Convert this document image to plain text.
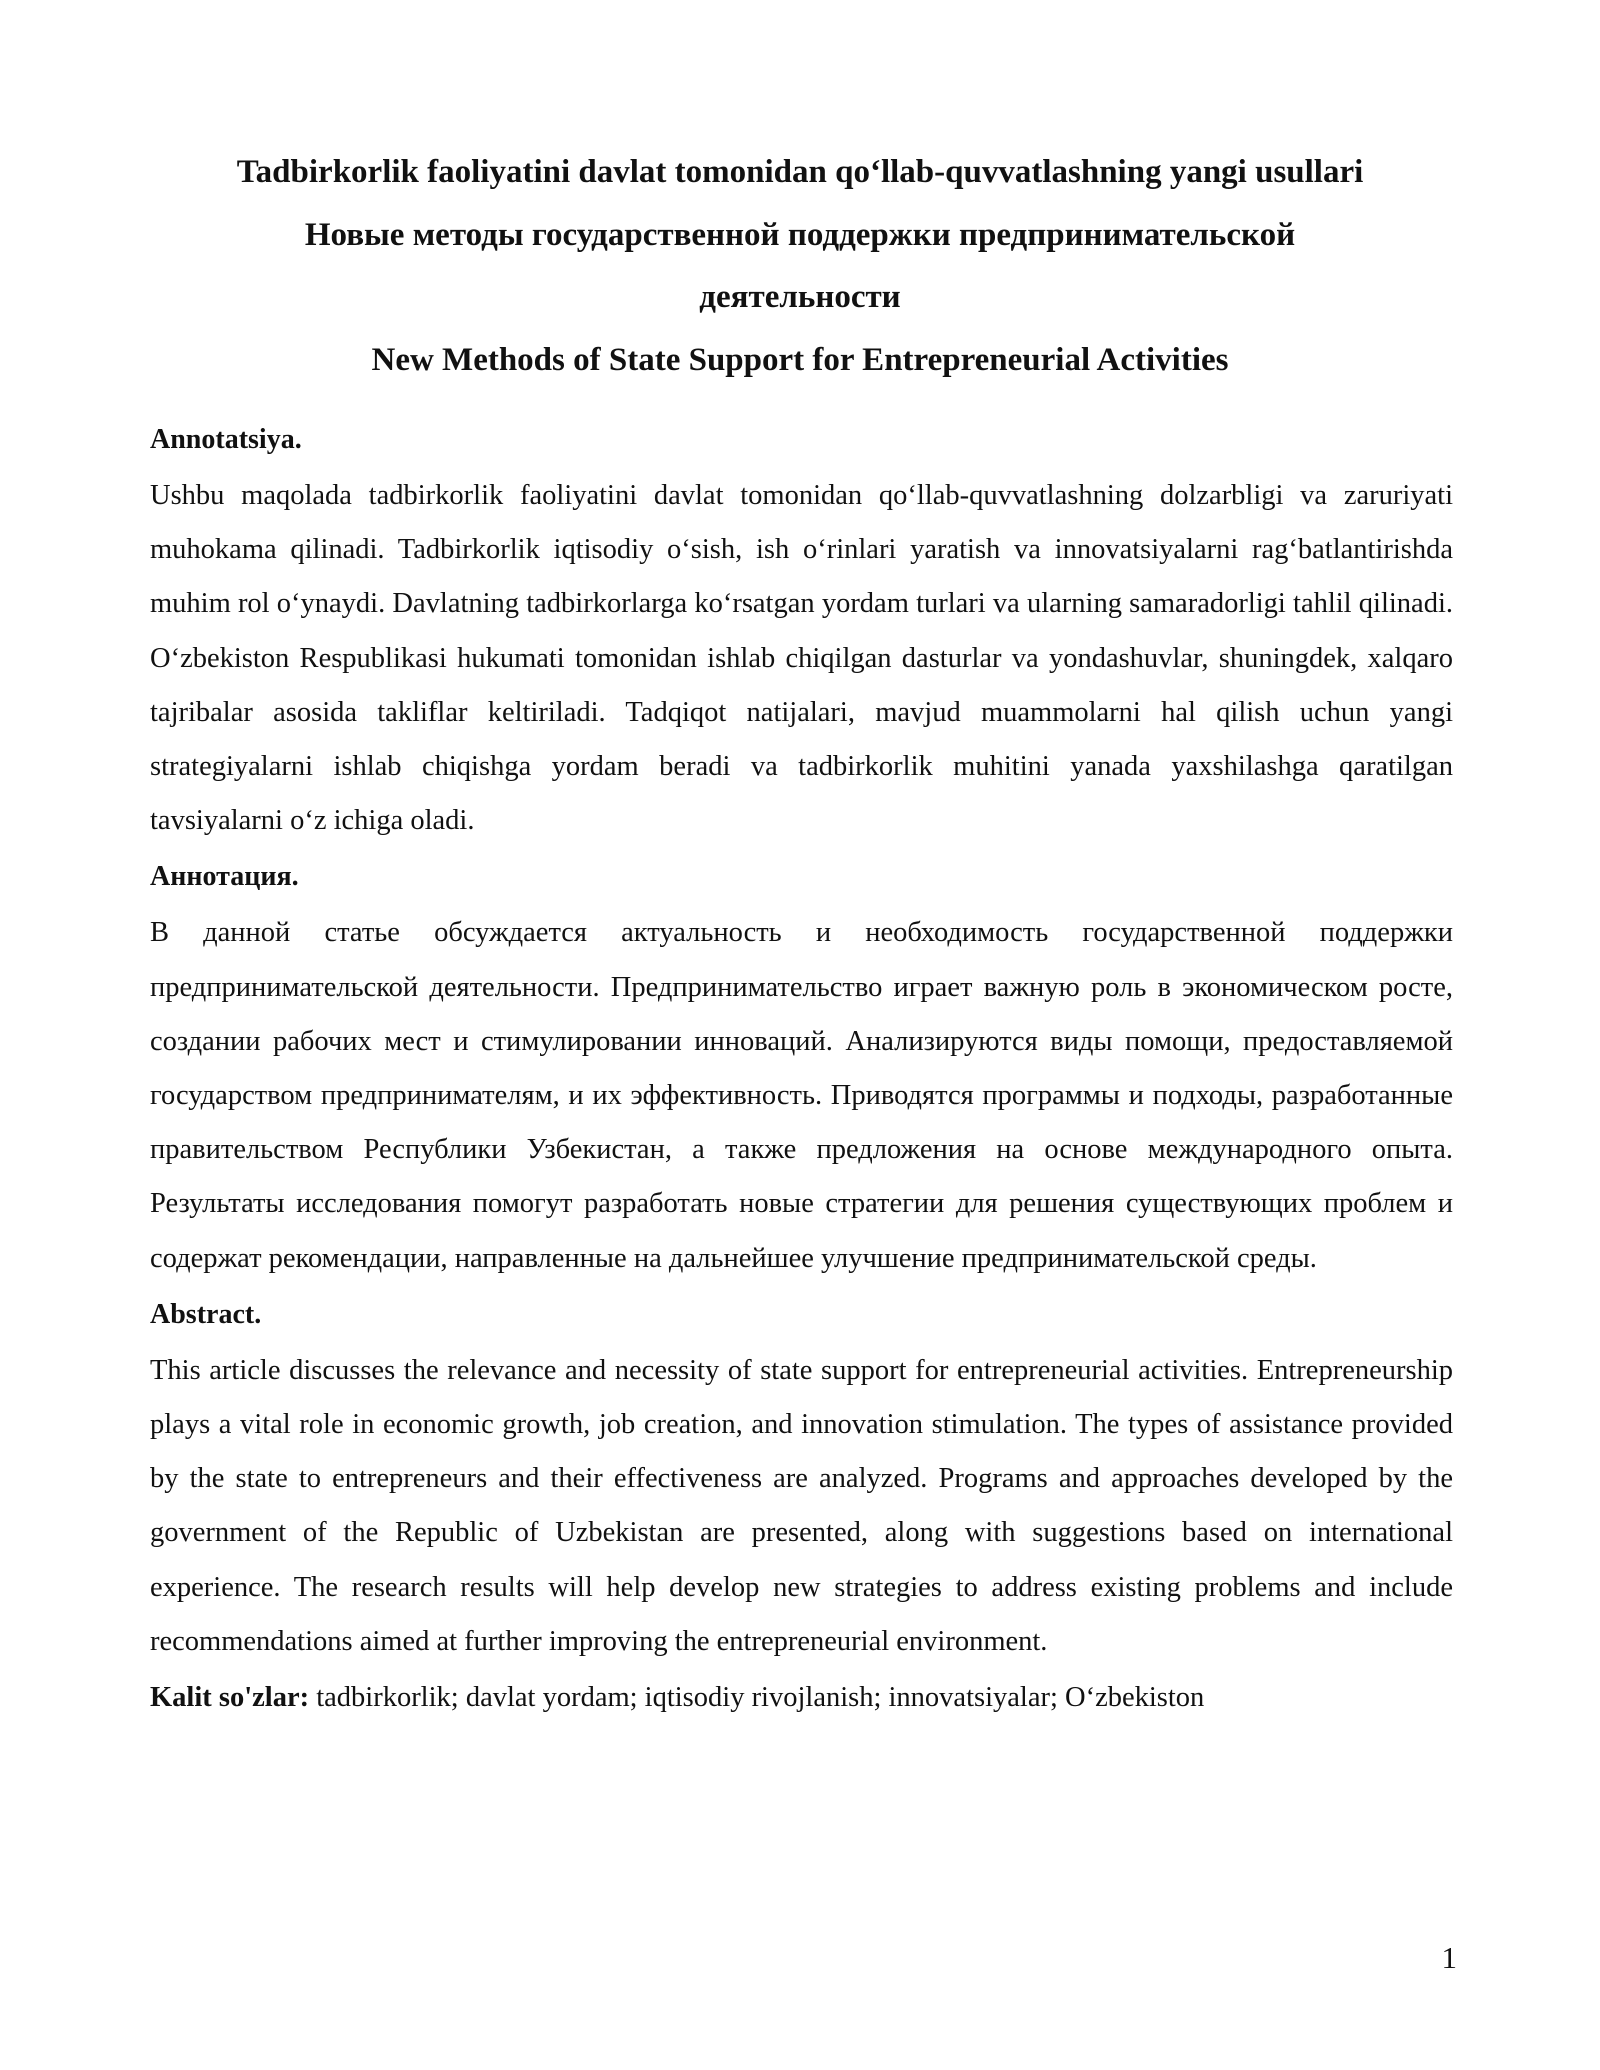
Tadbirkorlik faoliyatini davlat tomonidan qo‘llab-quvvatlashning yangi usullari

Новые методы государственной поддержки предпринимательской деятельности

New Methods of State Support for Entrepreneurial Activities

Annotatsiya.

Ushbu maqolada tadbirkorlik faoliyatini davlat tomonidan qo‘llab-quvvatlashning dolzarbligi va zaruriyati muhokama qilinadi. Tadbirkorlik iqtisodiy o‘sish, ish o‘rinlari yaratish va innovatsiyalarni rag‘batlantirishda muhim rol o‘ynaydi. Davlatning tadbirkorlarga ko‘rsatgan yordam turlari va ularning samaradorligi tahlil qilinadi. O‘zbekiston Respublikasi hukumati tomonidan ishlab chiqilgan dasturlar va yondashuvlar, shuningdek, xalqaro tajribalar asosida takliflar keltiriladi. Tadqiqot natijalari, mavjud muammolarni hal qilish uchun yangi strategiyalarni ishlab chiqishga yordam beradi va tadbirkorlik muhitini yanada yaxshilashga qaratilgan tavsiyalarni o‘z ichiga oladi.

Аннотация.

В данной статье обсуждается актуальность и необходимость государственной поддержки предпринимательской деятельности. Предпринимательство играет важную роль в экономическом росте, создании рабочих мест и стимулировании инноваций. Анализируются виды помощи, предоставляемой государством предпринимателям, и их эффективность. Приводятся программы и подходы, разработанные правительством Республики Узбекистан, а также предложения на основе международного опыта. Результаты исследования помогут разработать новые стратегии для решения существующих проблем и содержат рекомендации, направленные на дальнейшее улучшение предпринимательской среды.

Abstract.

This article discusses the relevance and necessity of state support for entrepreneurial activities. Entrepreneurship plays a vital role in economic growth, job creation, and innovation stimulation. The types of assistance provided by the state to entrepreneurs and their effectiveness are analyzed. Programs and approaches developed by the government of the Republic of Uzbekistan are presented, along with suggestions based on international experience. The research results will help develop new strategies to address existing problems and include recommendations aimed at further improving the entrepreneurial environment.

Kalit so'zlar: tadbirkorlik; davlat yordam; iqtisodiy rivojlanish; innovatsiyalar; O‘zbekiston

1
